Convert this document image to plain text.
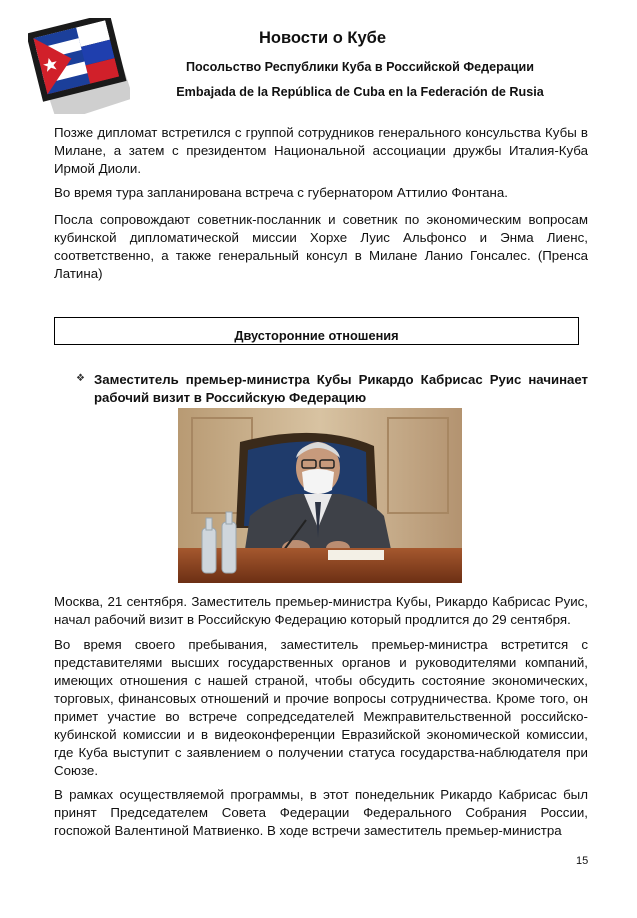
Новости о Кубе

Посольство Республики Куба в Российской Федерации

Embajada de la República de Cuba en la Federación de Rusia

Позже дипломат встретился с группой сотрудников генерального консульства Кубы в Милане, а затем с президентом Национальной ассоциации дружбы Италия-Куба Ирмой Диоли.

Во время тура запланирована встреча с губернатором Аттилио Фонтана.

Посла сопровождают советник-посланник и советник по экономическим вопросам кубинской дипломатической миссии Хорхе Луис Альфонсо и Энма Лиенс, соответственно, а также генеральный консул в Милане Ланио Гонсалес. (Пренса Латина)

Двусторонние отношения
❖ Заместитель премьер-министра Кубы Рикардо Кабрисас Руис начинает рабочий визит в Российскую Федерацию

Москва, 21 сентября. Заместитель премьер-министра Кубы, Рикардо Кабрисас Руис, начал рабочий визит в Российскую Федерацию который продлится до 29 сентября.

Во время своего пребывания, заместитель премьер-министра встретится с представителями высших государственных органов и руководителями компаний, имеющих отношения с нашей страной, чтобы обсудить состояние экономических, торговых, финансовых отношений и прочие вопросы сотрудничества. Кроме того, он примет участие во встрече сопредседателей Межправительственной российско-кубинской комиссии и в видеоконференции Евразийской экономической комиссии, где Куба выступит с заявлением о получении статуса государства-наблюдателя при Союзе.

В рамках осуществляемой программы, в этот понедельник Рикардо Кабрисас был принят Председателем Совета Федерации Федерального Собрания России, госпожой Валентиной Матвиенко. В ходе встречи заместитель премьер-министра

15
